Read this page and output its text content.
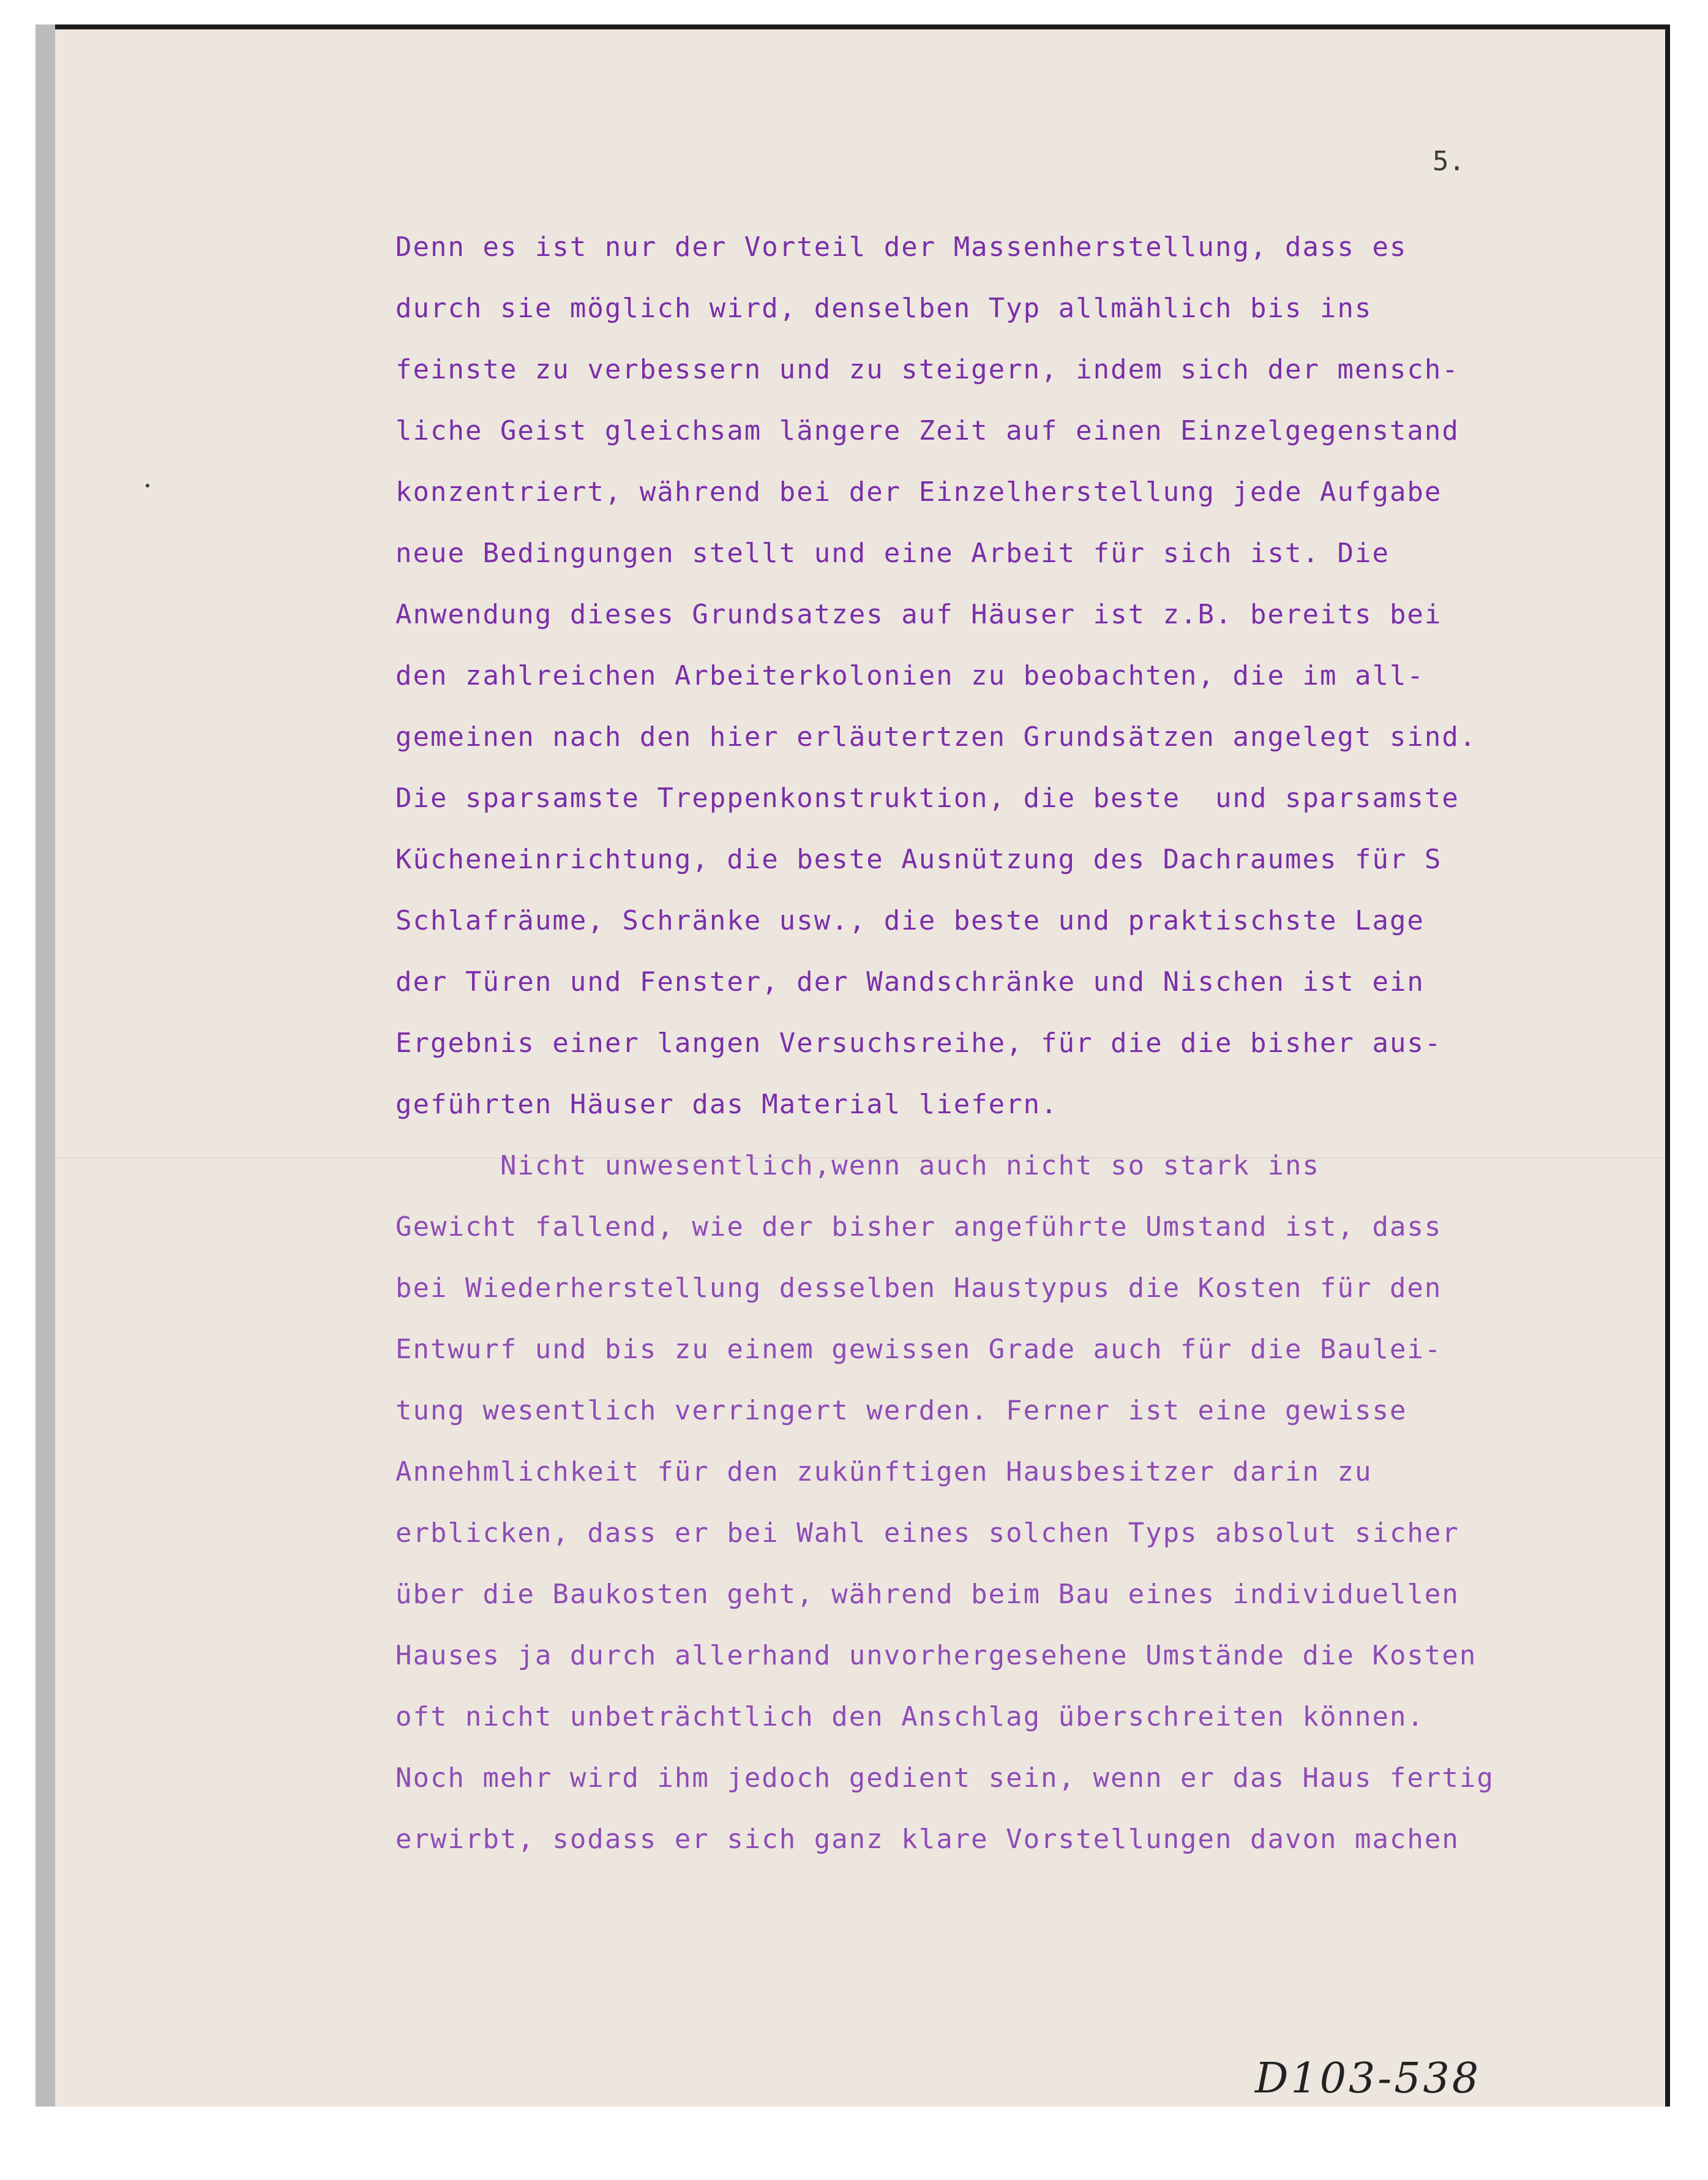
5.
Denn es ist nur der Vorteil der Massenherstellung, dass es
durch sie möglich wird, denselben Typ allmählich bis ins
feinste zu verbessern und zu steigern, indem sich der mensch-
liche Geist gleichsam längere Zeit auf einen Einzelgegenstand
konzentriert, während bei der Einzelherstellung jede Aufgabe
neue Bedingungen stellt und eine Arbeit für sich ist. Die
Anwendung dieses Grundsatzes auf Häuser ist z.B. bereits bei
den zahlreichen Arbeiterkolonien zu beobachten, die im all-
gemeinen nach den hier erläutertzen Grundsätzen angelegt sind.
Die sparsamste Treppenkonstruktion, die beste  und sparsamste
Kücheneinrichtung, die beste Ausnützung des Dachraumes für S
Schlafräume, Schränke usw., die beste und praktischste Lage
der Türen und Fenster, der Wandschränke und Nischen ist ein
Ergebnis einer langen Versuchsreihe, für die die bisher aus-
geführten Häuser das Material liefern.
Nicht unwesentlich,wenn auch nicht so stark ins
Gewicht fallend, wie der bisher angeführte Umstand ist, dass
bei Wiederherstellung desselben Haustypus die Kosten für den
Entwurf und bis zu einem gewissen Grade auch für die Baulei-
tung wesentlich verringert werden. Ferner ist eine gewisse
Annehmlichkeit für den zukünftigen Hausbesitzer darin zu
erblicken, dass er bei Wahl eines solchen Typs absolut sicher
über die Baukosten geht, während beim Bau eines individuellen
Hauses ja durch allerhand unvorhergesehene Umstände die Kosten
oft nicht unbeträchtlich den Anschlag überschreiten können.
Noch mehr wird ihm jedoch gedient sein, wenn er das Haus fertig
erwirbt, sodass er sich ganz klare Vorstellungen davon machen
D103-538
